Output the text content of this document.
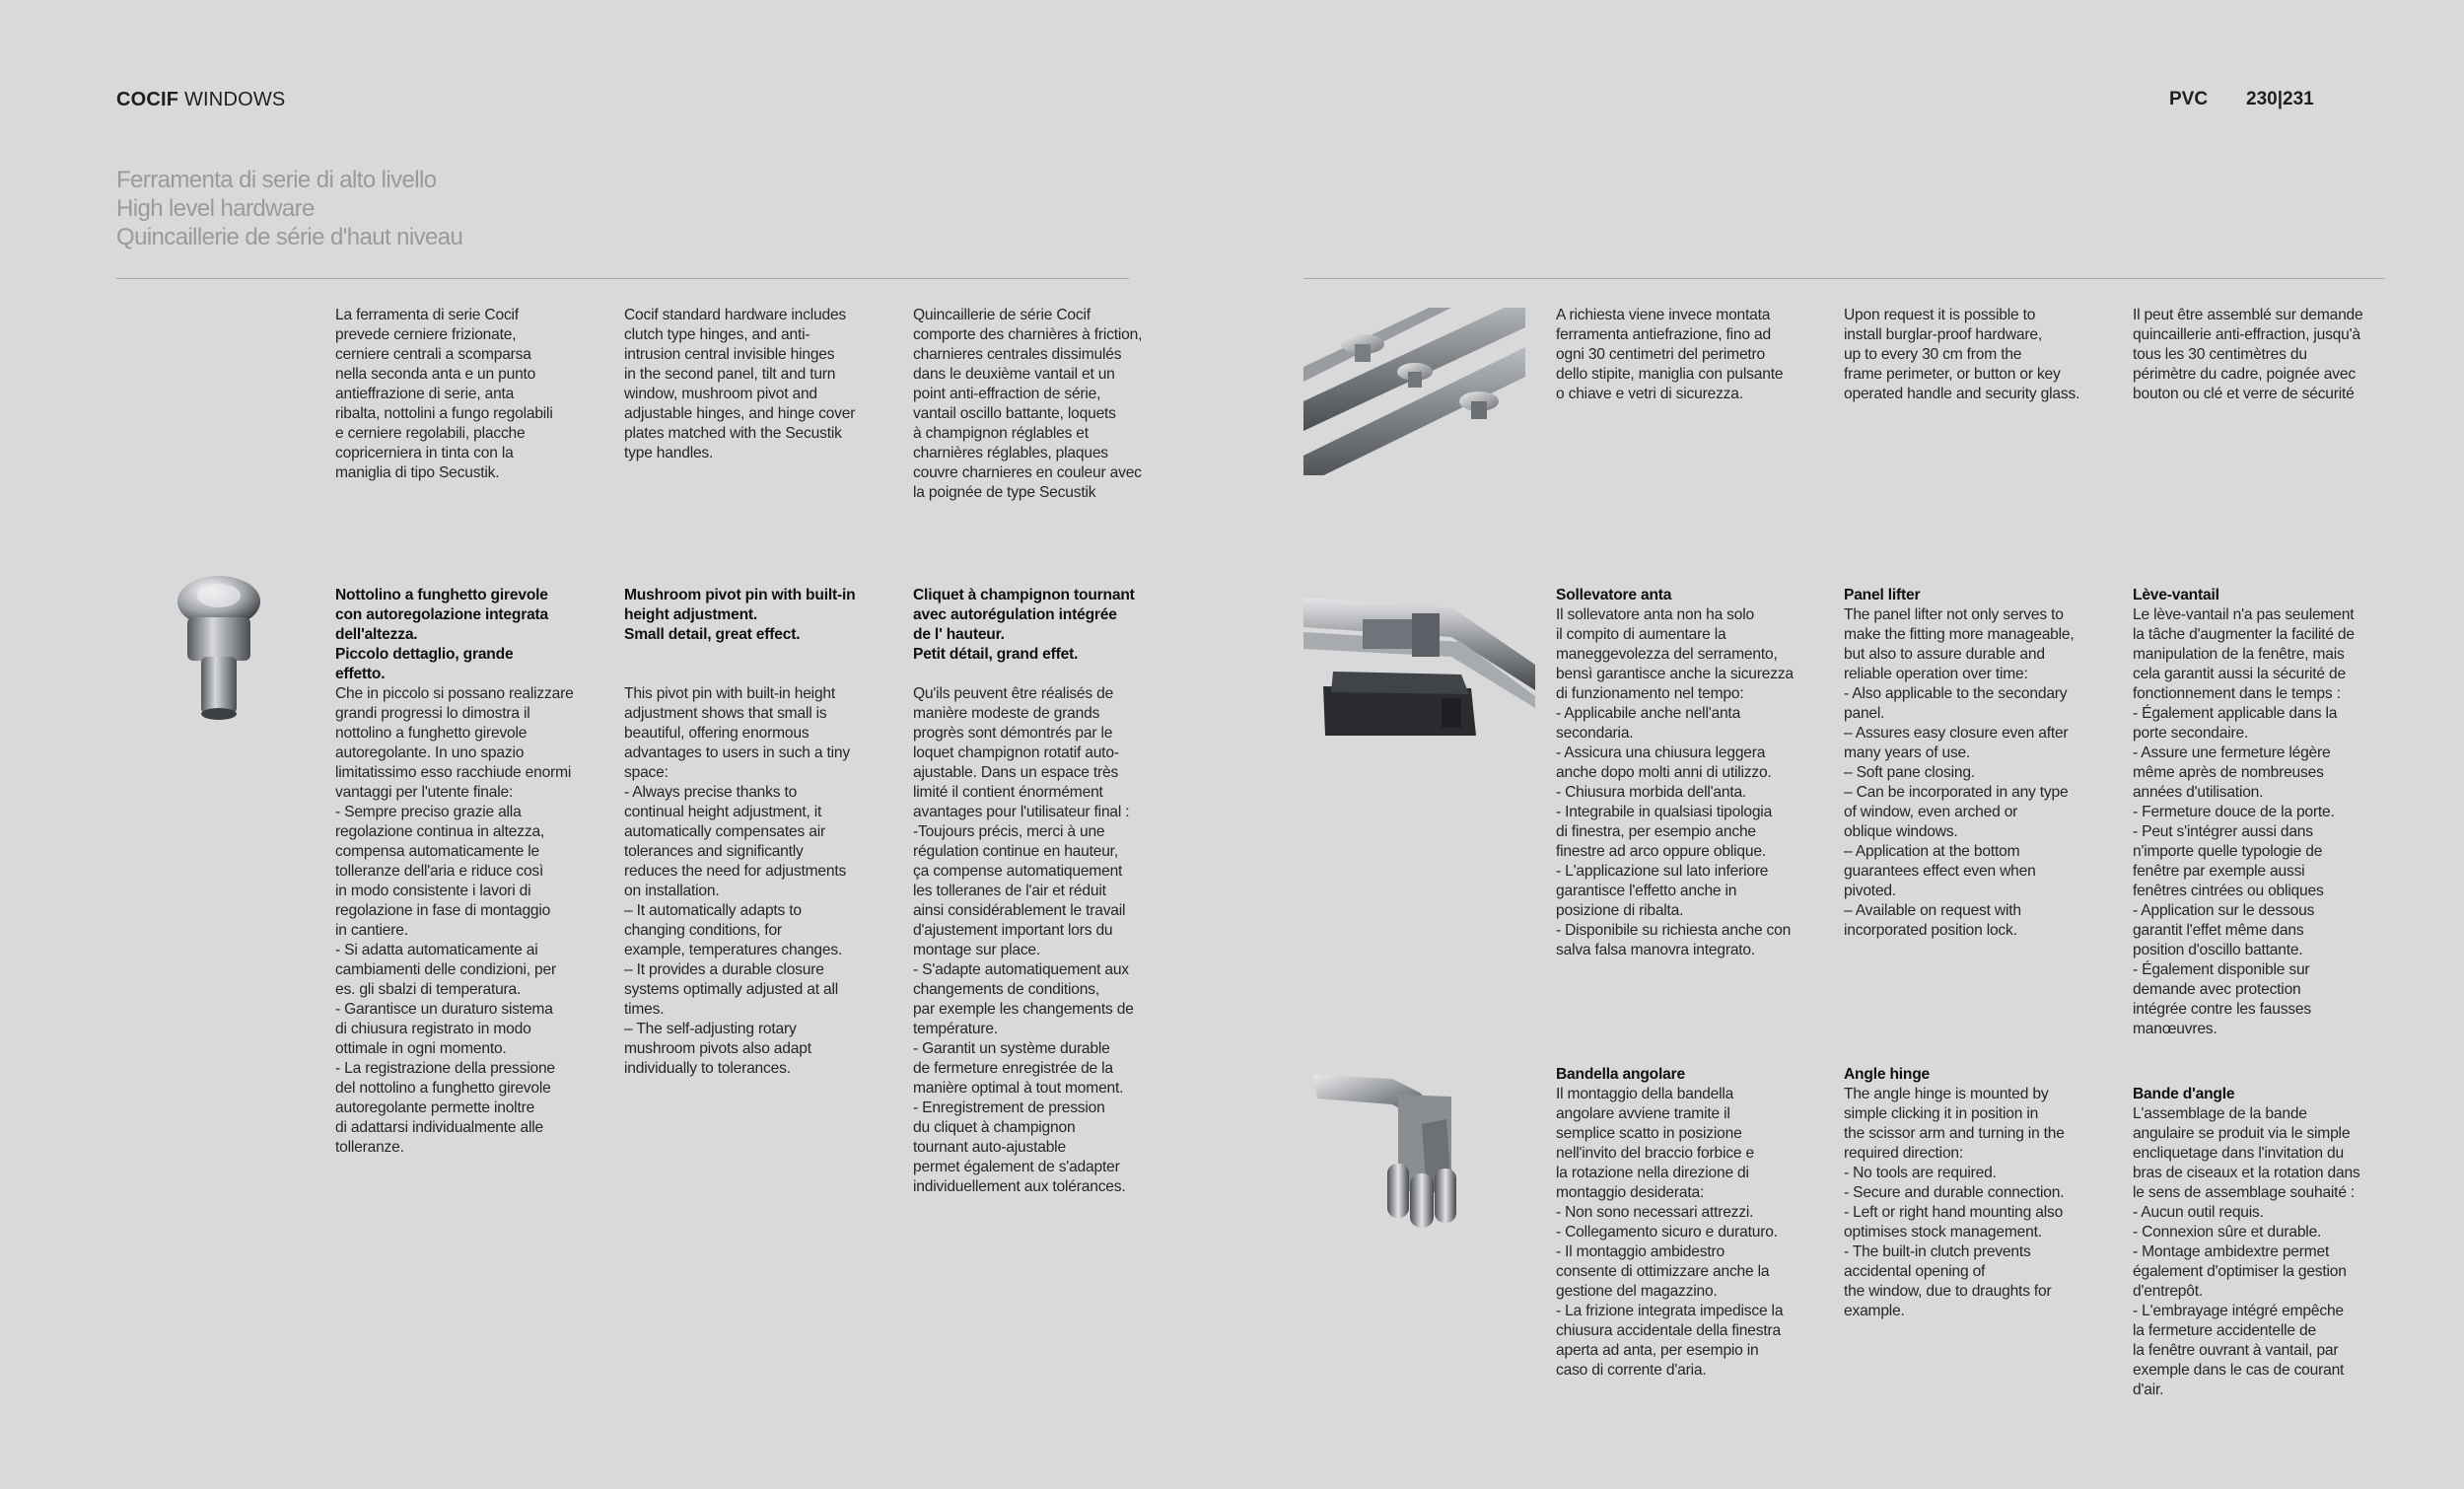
COCIF WINDOWS	PVC 230|231
Ferramenta di serie di alto livello
High level hardware
Quincaillerie de série d'haut niveau
La ferramenta di serie Cocif
prevede cerniere frizionate,
cerniere centrali a scomparsa
nella seconda anta e un punto
antieffrazione di serie, anta
ribalta, nottolini a fungo regolabili
e cerniere regolabili, placche
copricerniera in tinta con la
maniglia di tipo Secustik.
Cocif standard hardware includes
clutch type hinges, and anti-
intrusion central invisible hinges
in the second panel, tilt and turn
window, mushroom pivot and
adjustable hinges, and hinge cover
plates matched with the Secustik
type handles.
Quincaillerie de série Cocif
comporte des charnières à friction,
charnieres centrales dissimulés
dans le deuxième vantail et un
point anti-effraction de série,
vantail oscillo battante, loquets
à champignon réglables et
charnières réglables, plaques
couvre charnieres en couleur avec
la poignée de type Secustik
A richiesta viene invece montata
ferramenta antiefrazione, fino ad
ogni 30 centimetri del perimetro
dello stipite, maniglia con pulsante
o chiave e vetri di sicurezza.
Upon request it is possible to
install burglar-proof hardware,
up to every 30 cm from the
frame perimeter, or button or key
operated handle and security glass.
Il peut être assemblé sur demande
quincaillerie anti-effraction, jusqu'à
tous les 30 centimètres du
périmètre du cadre, poignée avec
bouton ou clé et verre de sécurité
Nottolino a funghetto girevole
con autoregolazione integrata
dell'altezza.
Piccolo dettaglio, grande
effetto.
Che in piccolo si possano realizzare
grandi progressi lo dimostra il
nottolino a funghetto girevole
autoregolante. In uno spazio
limitatissimo esso racchiude enormi
vantaggi per l'utente finale:
- Sempre preciso grazie alla
regolazione continua in altezza,
compensa automaticamente le
tolleranze dell'aria e riduce così
in modo consistente i lavori di
regolazione in fase di montaggio
in cantiere.
- Si adatta automaticamente ai
cambiamenti delle condizioni, per
es. gli sbalzi di temperatura.
- Garantisce un duraturo sistema
di chiusura registrato in modo
ottimale in ogni momento.
- La registrazione della pressione
del nottolino a funghetto girevole
autoregolante permette inoltre
di adattarsi individualmente alle
tolleranze.
Mushroom pivot pin with built-in
height adjustment.
Small detail, great effect.
This pivot pin with built-in height
adjustment shows that small is
beautiful, offering enormous
advantages to users in such a tiny
space:
- Always precise thanks to
continual height adjustment, it
automatically compensates air
tolerances and significantly
reduces the need for adjustments
on installation.
– It automatically adapts to
changing conditions, for
example, temperatures changes.
– It provides a durable closure
systems optimally adjusted at all
times.
– The self-adjusting rotary
mushroom pivots also adapt
individually to tolerances.
Cliquet à champignon tournant
avec autorégulation intégrée
de l' hauteur.
Petit détail, grand effet.
Qu'ils peuvent être réalisés de
manière modeste de grands
progrès sont démontrés par le
loquet champignon rotatif auto-
ajustable. Dans un espace très
limité il contient énormément
avantages pour l'utilisateur final :
-Toujours précis, merci à une
régulation continue en hauteur,
ça compense automatiquement
les tolleranes de l'air et réduit
ainsi considérablement le travail
d'ajustement important lors du
montage sur place.
- S'adapte automatiquement aux
changements de conditions,
par exemple les changements de
température.
- Garantit un système durable
de fermeture enregistrée de la
manière optimal à tout moment.
- Enregistrement de pression
du cliquet à champignon
tournant auto-ajustable
permet également de s'adapter
individuellement aux tolérances.
Sollevatore anta
Il sollevatore anta non ha solo
il compito di aumentare la
maneggevolezza del serramento,
bensì garantisce anche la sicurezza
di funzionamento nel tempo:
- Applicabile anche nell'anta
secondaria.
- Assicura una chiusura leggera
anche dopo molti anni di utilizzo.
- Chiusura morbida dell'anta.
- Integrabile in qualsiasi tipologia
di finestra, per esempio anche
finestre ad arco oppure oblique.
- L'applicazione sul lato inferiore
garantisce l'effetto anche in
posizione di ribalta.
- Disponibile su richiesta anche con
salva falsa manovra integrato.
Panel lifter
The panel lifter not only serves to
make the fitting more manageable,
but also to assure durable and
reliable operation over time:
- Also applicable to the secondary
panel.
– Assures easy closure even after
many years of use.
– Soft pane closing.
– Can be incorporated in any type
of window, even arched or
oblique windows.
– Application at the bottom
guarantees effect even when
pivoted.
– Available on request with
incorporated position lock.
Lève-vantail
Le lève-vantail n'a pas seulement
la tâche d'augmenter la facilité de
manipulation de la fenêtre, mais
cela garantit aussi la sécurité de
fonctionnement dans le temps :
- Également applicable dans la
porte secondaire.
- Assure une fermeture légère
même après de nombreuses
années d'utilisation.
- Fermeture douce de la porte.
- Peut s'intégrer aussi dans
n'importe quelle typologie de
fenêtre par exemple aussi
fenêtres cintrées ou obliques
- Application sur le dessous
garantit l'effet même dans
position d'oscillo battante.
- Également disponible sur
demande avec protection
intégrée contre les fausses
manœuvres.
Bandella angolare
Il montaggio della bandella
angolare avviene tramite il
semplice scatto in posizione
nell'invito del braccio forbice e
la rotazione nella direzione di
montaggio desiderata:
- Non sono necessari attrezzi.
- Collegamento sicuro e duraturo.
- Il montaggio ambidestro
consente di ottimizzare anche la
gestione del magazzino.
- La frizione integrata impedisce la
chiusura accidentale della finestra
aperta ad anta, per esempio in
caso di corrente d'aria.
Angle hinge
The angle hinge is mounted by
simple clicking it in position in
the scissor arm and turning in the
required direction:
- No tools are required.
- Secure and durable connection.
- Left or right hand mounting also
optimises stock management.
- The built-in clutch prevents
accidental opening of
the window, due to draughts for
example.
Bande d'angle
L'assemblage de la bande
angulaire se produit via le simple
encliquetage dans l'invitation du
bras de ciseaux et la rotation dans
le sens de assemblage souhaité :
- Aucun outil requis.
- Connexion sûre et durable.
- Montage ambidextre permet
également d'optimiser la gestion
d'entrepôt.
- L'embrayage intégré empêche
la fermeture accidentelle de
la fenêtre ouvrant à vantail, par
exemple dans le cas de courant
d'air.
